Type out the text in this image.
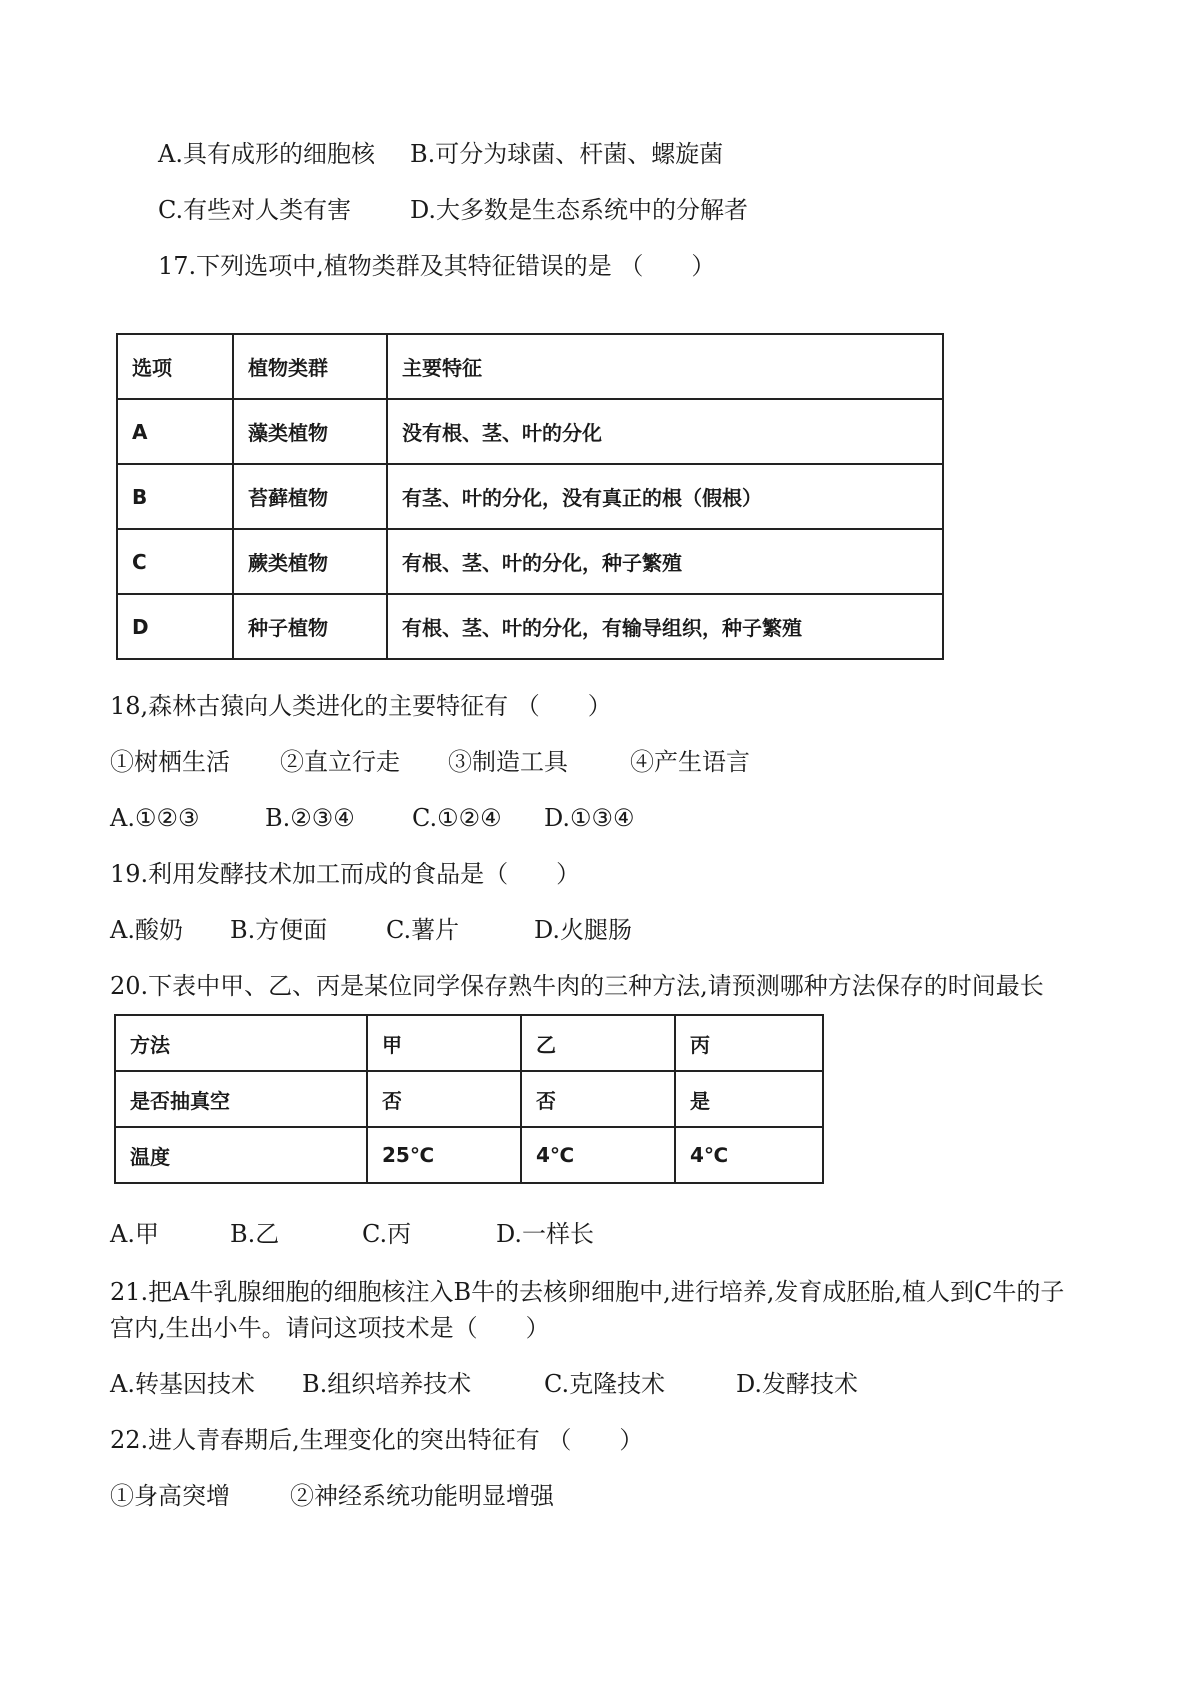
A.具有成形的细胞核 B.可分为球菌、杆菌、螺旋菌
C.有些对人类有害 D.大多数是生态系统中的分解者
17.下列选项中,植物类群及其特征错误的是 （　　）
选项	植物类群	主要特征
A	藻类植物	没有根、茎、叶的分化
B	苔藓植物	有茎、叶的分化，没有真正的根（假根）
C	蕨类植物	有根、茎、叶的分化，种子繁殖
D	种子植物	有根、茎、叶的分化，有输导组织，种子繁殖
18,森林古猿向人类进化的主要特征有 （　　）
①树栖生活 ②直立行走 ③制造工具	④产生语言
A.①②③	B.②③④ C.①②④ D.①③④
19.利用发酵技术加工而成的食品是（　　）
A.酸奶 B.方便面 C.薯片	D.火腿肠
20.下表中甲、乙、丙是某位同学保存熟牛肉的三种方法,请预测哪种方法保存的时间最长
方法	甲	乙	丙
是否抽真空	否	否	是
温度	25℃	4℃	4℃
A.甲	B.乙	C.丙	D.一样长
21.把A牛乳腺细胞的细胞核注入B牛的去核卵细胞中,进行培养,发育成胚胎,植人到C牛的子
宫内,生出小牛。请问这项技术是（　　）
A.转基因技术 B.组织培养技术	C.克隆技术	D.发酵技术
22.进人青春期后,生理变化的突出特征有 （　　）
①身高突增	②神经系统功能明显增强
